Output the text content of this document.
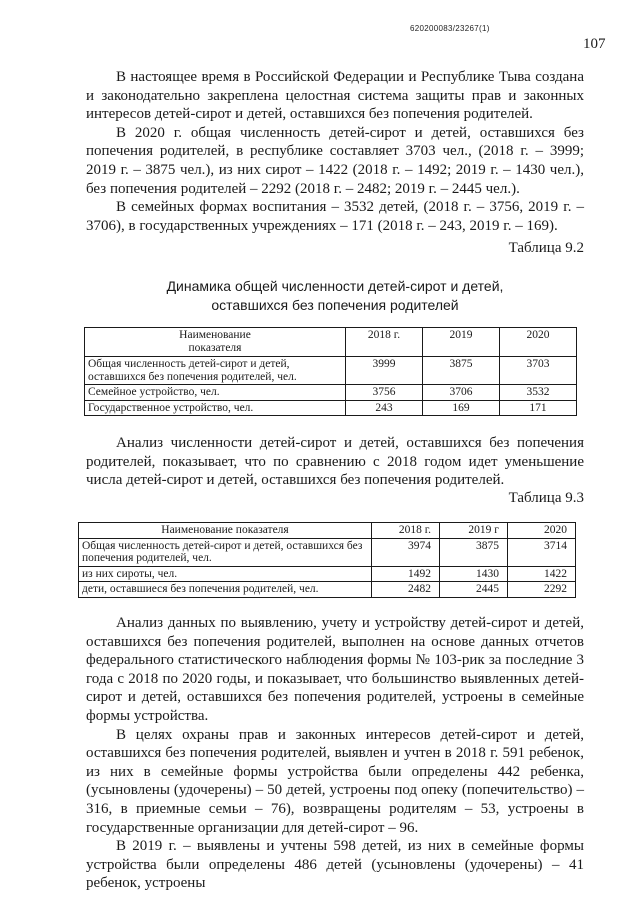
620200083/23267(1)
107

В настоящее время в Российской Федерации и Республике Тыва создана и законодательно закреплена целостная система защиты прав и законных интересов детей-сирот и детей, оставшихся без попечения родителей.

В 2020 г. общая численность детей-сирот и детей, оставшихся без попечения родителей, в республике составляет 3703 чел., (2018 г. – 3999; 2019 г. – 3875 чел.), из них сирот – 1422 (2018 г. – 1492; 2019 г. – 1430 чел.), без попечения родителей – 2292 (2018 г. – 2482; 2019 г. – 2445 чел.).

В семейных формах воспитания – 3532 детей, (2018 г. – 3756, 2019 г. – 3706), в государственных учреждениях – 171 (2018 г. – 243, 2019 г. – 169).

Таблица 9.2
Динамика общей численности детей-сирот и детей,
оставшихся без попечения родителей
Наименование
показателя	2018 г.	2019	2020
Общая численность детей-сирот и детей, оставшихся без попечения родителей, чел.	3999	3875	3703
Семейное устройство, чел.	3756	3706	3532
Государственное устройство, чел.	243	169	171

Анализ численности детей-сирот и детей, оставшихся без попечения родителей, показывает, что по сравнению с 2018 годом идет уменьшение числа детей-сирот и детей, оставшихся без попечения родителей.

Таблица 9.3
Наименование показателя	2018 г.	2019 г	2020
Общая численность детей-сирот и детей, оставшихся без попечения родителей, чел.	3974	3875	3714
из них сироты, чел.	1492	1430	1422
дети, оставшиеся без попечения родителей, чел.	2482	2445	2292

Анализ данных по выявлению, учету и устройству детей-сирот и детей, оставшихся без попечения родителей, выполнен на основе данных отчетов федерального статистического наблюдения формы № 103-рик за последние 3 года с 2018 по 2020 годы, и показывает, что большинство выявленных детей-сирот и детей, оставшихся без попечения родителей, устроены в семейные формы устройства.

В целях охраны прав и законных интересов детей-сирот и детей, оставшихся без попечения родителей, выявлен и учтен в 2018 г. 591 ребенок, из них в семейные формы устройства были определены 442 ребенка, (усыновлены (удочерены) – 50 детей, устроены под опеку (попечительство) – 316, в приемные семьи – 76), возвращены родителям – 53, устроены в государственные организации для детей-сирот – 96.

В 2019 г. – выявлены и учтены 598 детей, из них в семейные формы устройства были определены 486 детей (усыновлены (удочерены) – 41 ребенок, устроены
